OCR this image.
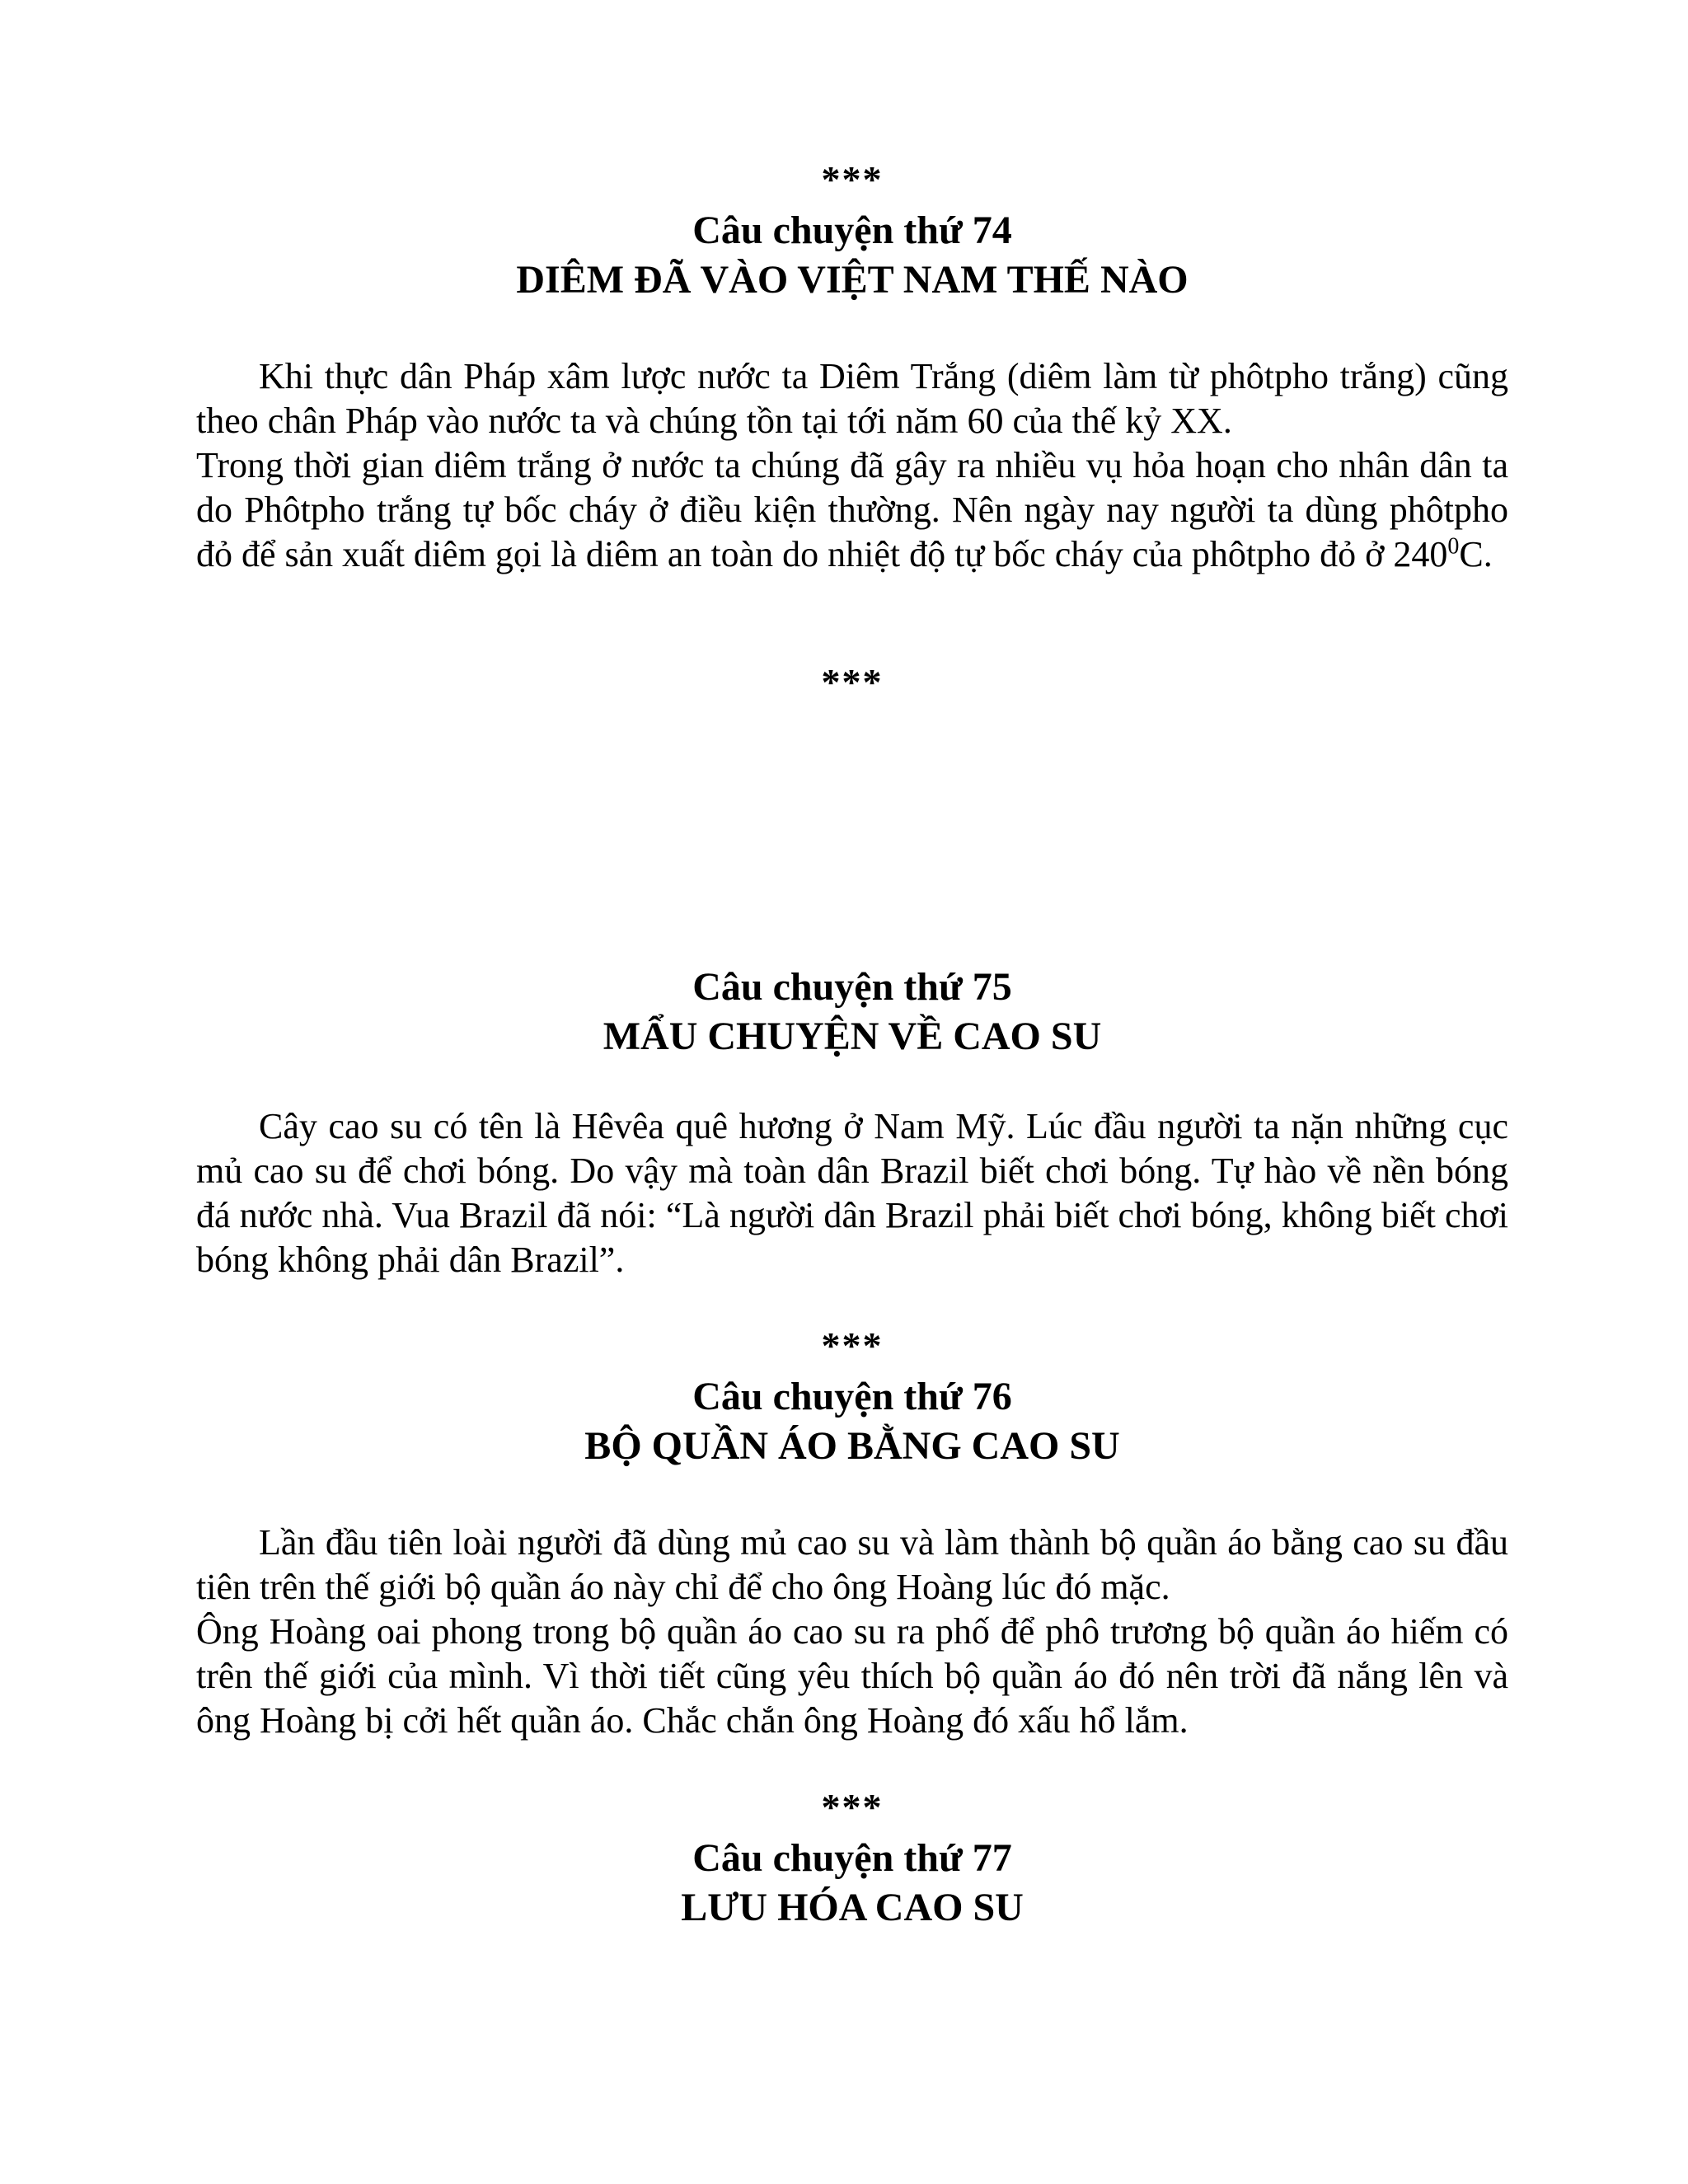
***
Câu chuyện thứ 74
DIÊM ĐÃ VÀO VIỆT NAM THẾ NÀO

Khi thực dân Pháp xâm lược nước ta Diêm Trắng (diêm làm từ phôtpho trắng) cũng theo chân Pháp vào nước ta và chúng tồn tại tới năm 60 của thế kỷ XX.

Trong thời gian diêm trắng ở nước ta chúng đã gây ra nhiều vụ hỏa hoạn cho nhân dân ta do Phôtpho trắng tự bốc cháy ở điều kiện thường. Nên ngày nay người ta dùng phôtpho đỏ để sản xuất diêm gọi là diêm an toàn do nhiệt độ tự bốc cháy của phôtpho đỏ ở $240^0C$.

***
Câu chuyện thứ 75
MẨU CHUYỆN VỀ CAO SU

Cây cao su có tên là Hêvêa quê hương ở Nam Mỹ. Lúc đầu người ta nặn những cục mủ cao su để chơi bóng. Do vậy mà toàn dân Brazil biết chơi bóng. Tự hào về nền bóng đá nước nhà. Vua Brazil đã nói: “Là người dân Brazil phải biết chơi bóng, không biết chơi bóng không phải dân Brazil”.

***
Câu chuyện thứ 76
BỘ QUẦN ÁO BẰNG CAO SU

Lần đầu tiên loài người đã dùng mủ cao su và làm thành bộ quần áo bằng cao su đầu tiên trên thế giới bộ quần áo này chỉ để cho ông Hoàng lúc đó mặc.

Ông Hoàng oai phong trong bộ quần áo cao su ra phố để phô trương bộ quần áo hiếm có trên thế giới của mình. Vì thời tiết cũng yêu thích bộ quần áo đó nên trời đã nắng lên và ông Hoàng bị cởi hết quần áo. Chắc chắn ông Hoàng đó xấu hổ lắm.

***
Câu chuyện thứ 77
LƯU HÓA CAO SU
